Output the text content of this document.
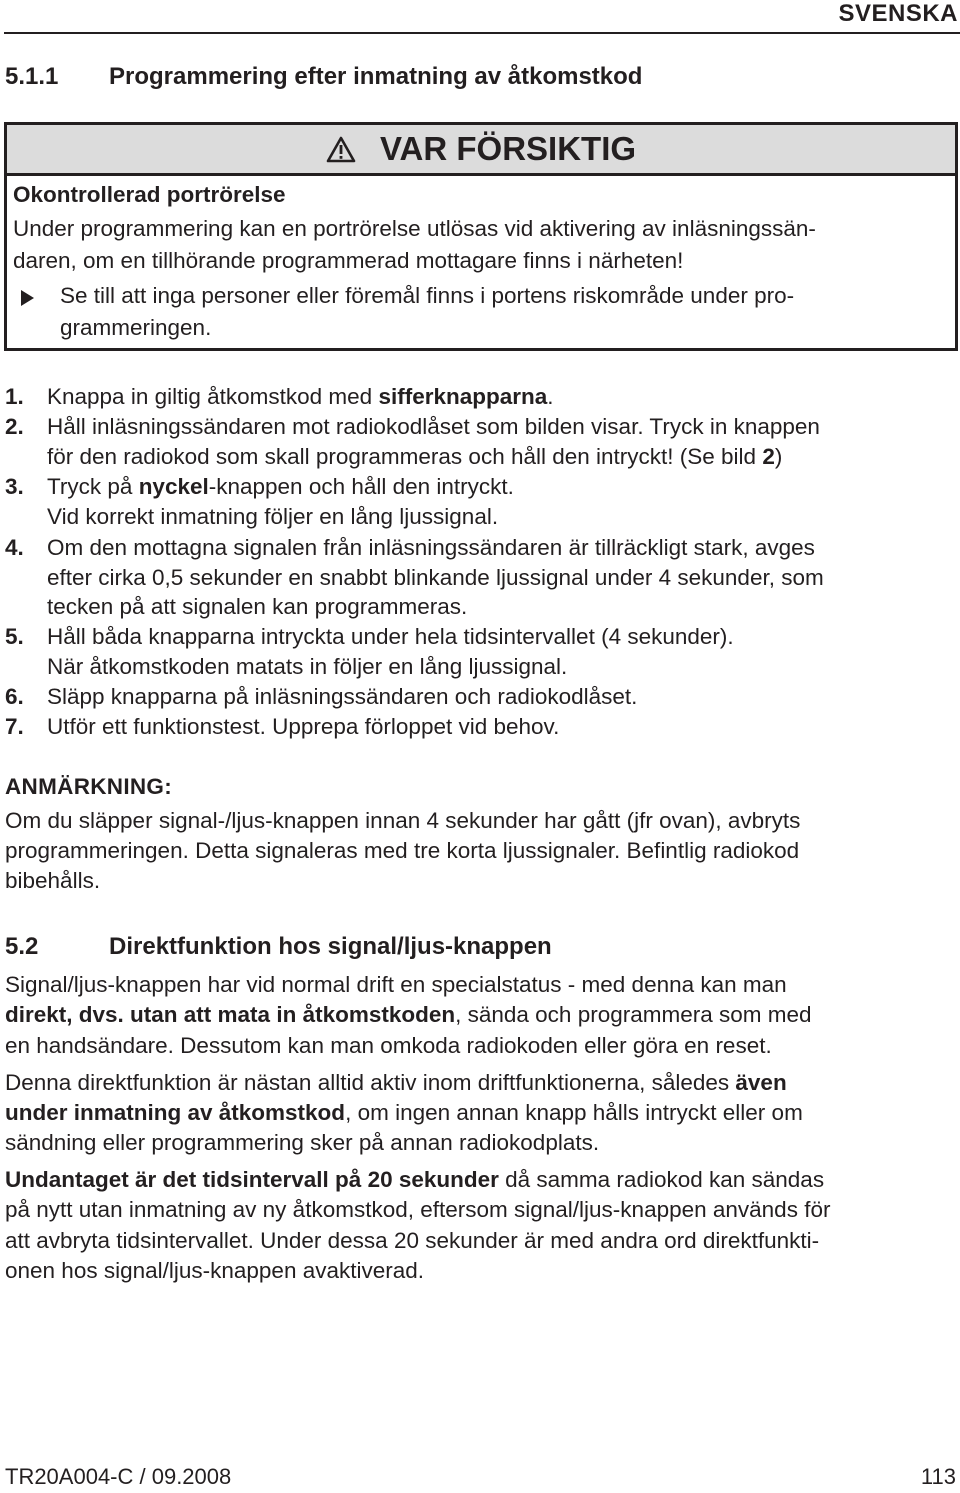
SVENSKA
5.1.1 Programmering efter inmatning av åtkomstkod
VAR FÖRSIKTIG
Okontrollerad portrörelse
Under programmering kan en portrörelse utlösas vid aktivering av inläsningssän-
daren, om en tillhörande programmerad mottagare finns i närheten!
Se till att inga personer eller föremål finns i portens riskområde under pro-
grammeringen.
1. Knappa in giltig åtkomstkod med sifferknapparna.
2. Håll inläsningssändaren mot radiokodlåset som bilden visar. Tryck in knappen
för den radiokod som skall programmeras och håll den intryckt! (Se bild 2)
3. Tryck på nyckel-knappen och håll den intryckt.
Vid korrekt inmatning följer en lång ljussignal.
4. Om den mottagna signalen från inläsningssändaren är tillräckligt stark, avges
efter cirka 0,5 sekunder en snabbt blinkande ljussignal under 4 sekunder, som
tecken på att signalen kan programmeras.
5. Håll båda knapparna intryckta under hela tidsintervallet (4 sekunder).
När åtkomstkoden matats in följer en lång ljussignal.
6. Släpp knapparna på inläsningssändaren och radiokodlåset.
7. Utför ett funktionstest. Upprepa förloppet vid behov.
ANMÄRKNING:
Om du släpper signal-/ljus-knappen innan 4 sekunder har gått (jfr ovan), avbryts
programmeringen. Detta signaleras med tre korta ljussignaler. Befintlig radiokod
bibehålls.
5.2	Direktfunktion hos signal/ljus-knappen
Signal/ljus-knappen har vid normal drift en specialstatus - med denna kan man
direkt, dvs. utan att mata in åtkomstkoden, sända och programmera som med
en handsändare. Dessutom kan man omkoda radiokoden eller göra en reset.
Denna direktfunktion är nästan alltid aktiv inom driftfunktionerna, således även
under inmatning av åtkomstkod, om ingen annan knapp hålls intryckt eller om
sändning eller programmering sker på annan radiokodplats.
Undantaget är det tidsintervall på 20 sekunder då samma radiokod kan sändas
på nytt utan inmatning av ny åtkomstkod, eftersom signal/ljus-knappen används för
att avbryta tidsintervallet. Under dessa 20 sekunder är med andra ord direktfunkti-
onen hos signal/ljus-knappen avaktiverad.
TR20A004-C / 09.2008	113
